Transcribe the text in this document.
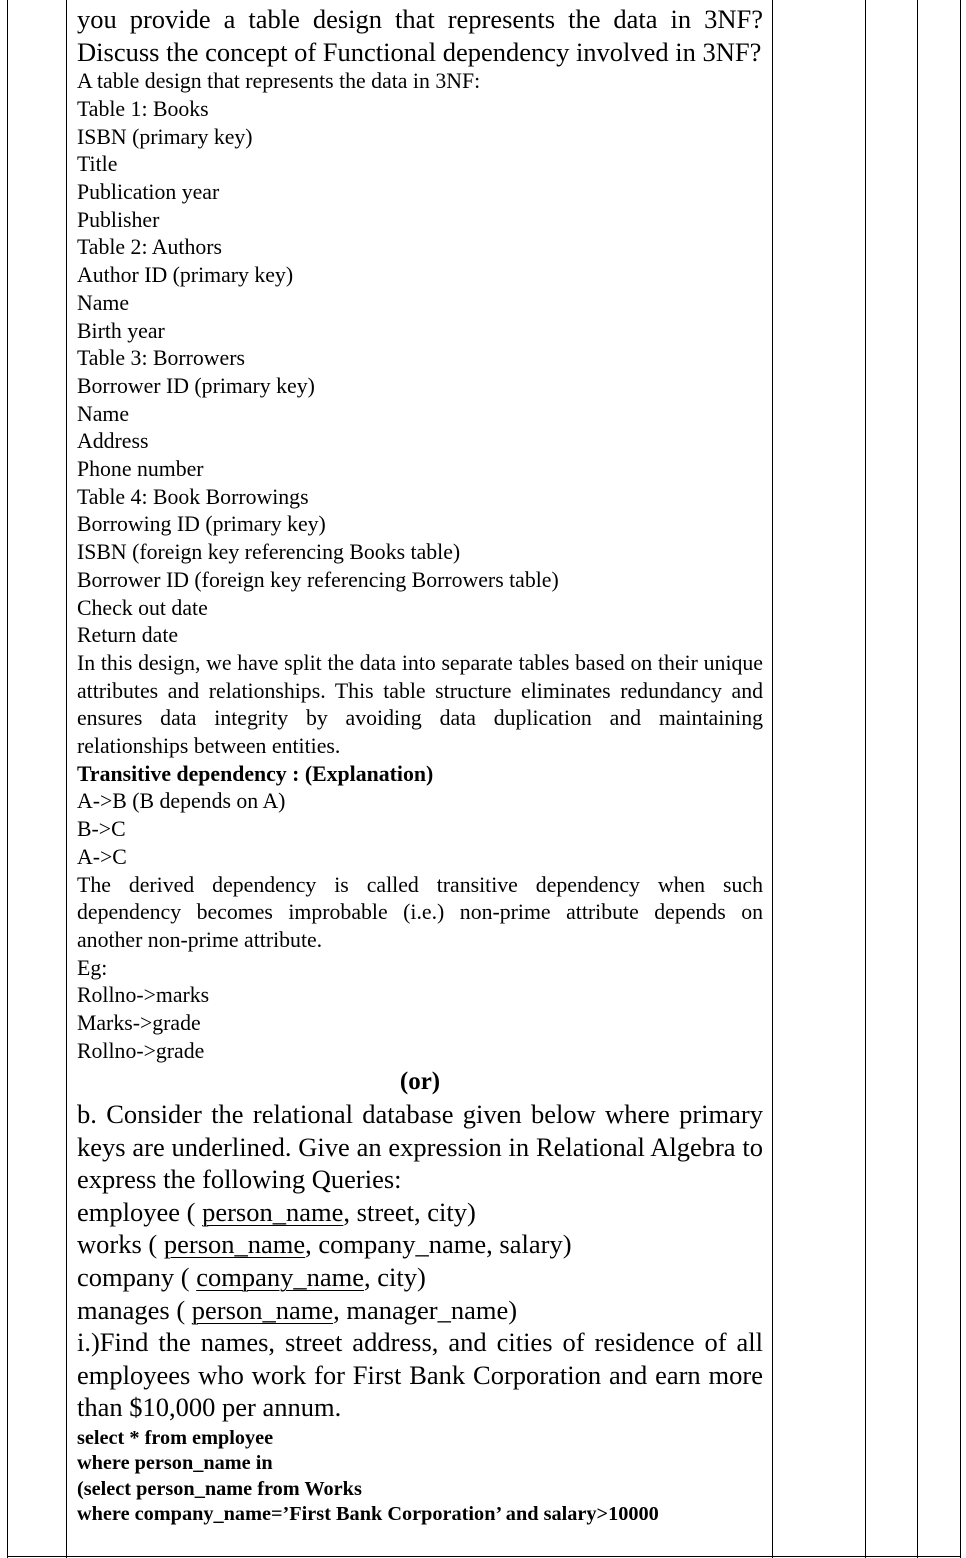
you provide a table design that represents the data in 3NF? Discuss the concept of Functional dependency involved in 3NF?

A table design that represents the data in 3NF:

Table 1: Books

ISBN (primary key)

Title

Publication year

Publisher

Table 2: Authors

Author ID (primary key)

Name

Birth year

Table 3: Borrowers

Borrower ID (primary key)

Name

Address

Phone number

Table 4: Book Borrowings

Borrowing ID (primary key)

ISBN (foreign key referencing Books table)

Borrower ID (foreign key referencing Borrowers table)

Check out date

Return date

In this design, we have split the data into separate tables based on their unique attributes and relationships. This table structure eliminates redundancy and ensures data integrity by avoiding data duplication and maintaining relationships between entities.

Transitive dependency : (Explanation)

A->B (B depends on A)

B->C

A->C

The derived dependency is called transitive dependency when such dependency becomes improbable (i.e.) non-prime attribute depends on another non-prime attribute.

Eg:

Rollno->marks

Marks->grade

Rollno->grade

(or)

b. Consider the relational database given below where primary keys are underlined. Give an expression in Relational Algebra to express the following Queries:

employee ( person_name, street, city)

works ( person_name, company_name, salary)

company ( company_name, city)

manages ( person_name, manager_name)

i.)Find the names, street address, and cities of residence of all employees who work for First Bank Corporation and earn more than $10,000 per annum.

select * from employee

where person_name in

(select person_name from Works

where company_name=’First Bank Corporation’ and salary>10000
